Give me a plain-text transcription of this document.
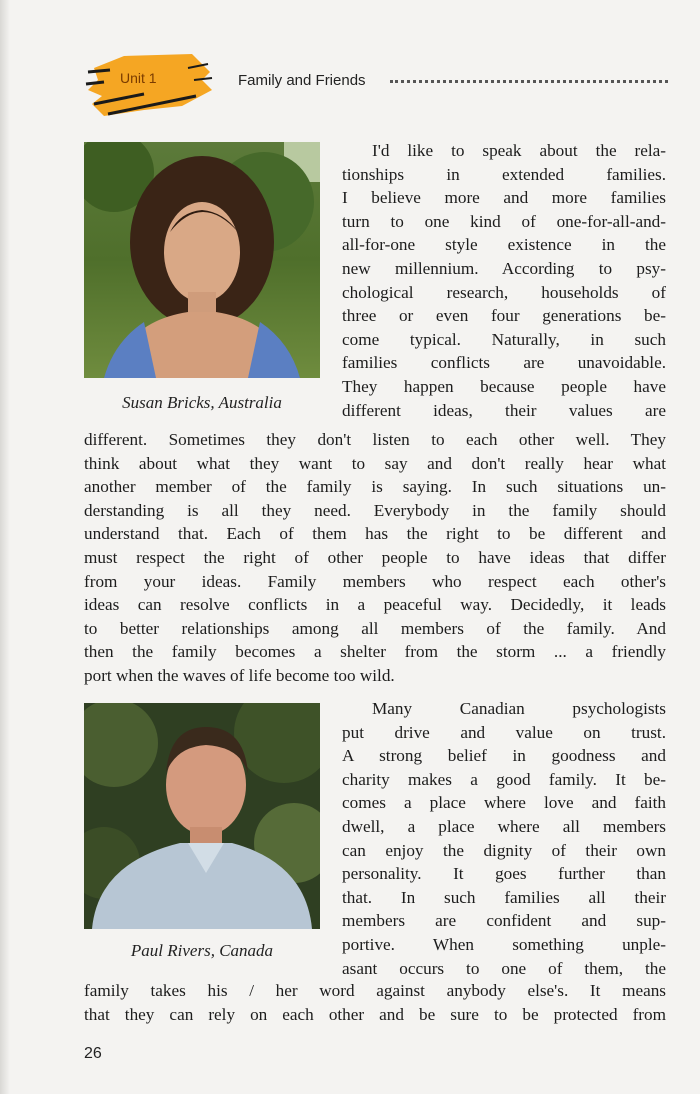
Unit 1	Family and Friends
Susan Bricks, Australia

I'd like to speak about the rela-
tionships in extended families.
I believe more and more families
turn to one kind of one-for-all-and-
all-for-one style existence in the
new millennium. According to psy-
chological research, households of
three or even four generations be-
come typical. Naturally, in such
families conflicts are unavoidable.
They happen because people have
different ideas, their values are

different. Sometimes they don't listen to each other well. They
think about what they want to say and don't really hear what
another member of the family is saying. In such situations un-
derstanding is all they need. Everybody in the family should
understand that. Each of them has the right to be different and
must respect the right of other people to have ideas that differ
from your ideas. Family members who respect each other's
ideas can resolve conflicts in a peaceful way. Decidedly, it leads
to better relationships among all members of the family. And
then the family becomes a shelter from the storm ... a friendly
port when the waves of life become too wild.

Paul Rivers, Canada

Many Canadian psychologists
put drive and value on trust.
A strong belief in goodness and
charity makes a good family. It be-
comes a place where love and faith
dwell, a place where all members
can enjoy the dignity of their own
personality. It goes further than
that. In such families all their
members are confident and sup-
portive. When something unple-
asant occurs to one of them, the

family takes his / her word against anybody else's. It means
that they can rely on each other and be sure to be protected from

26
